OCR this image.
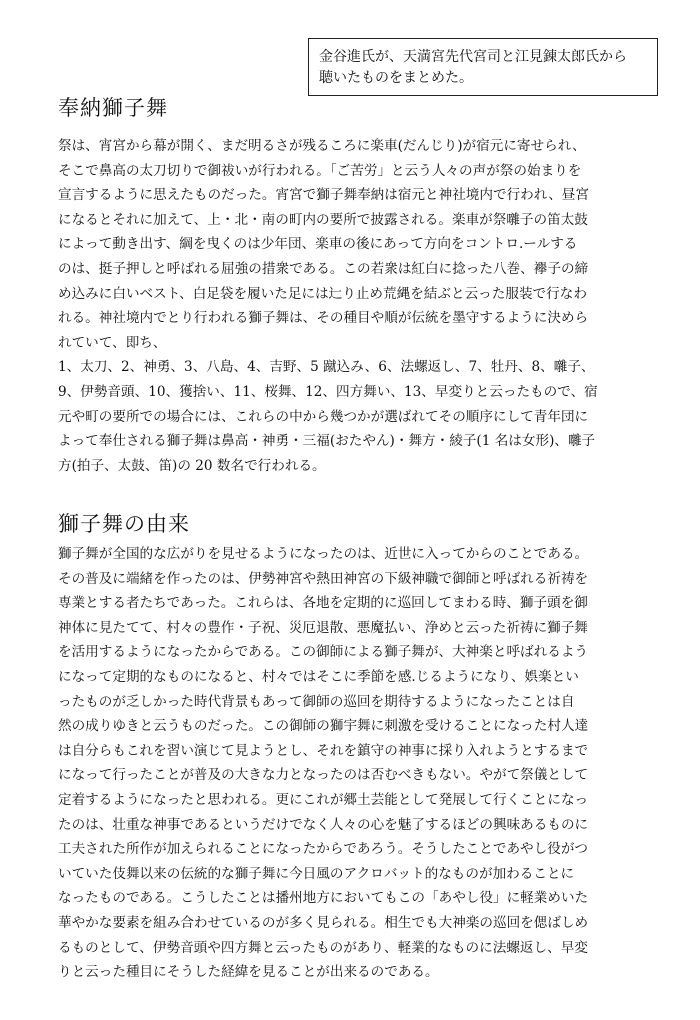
金谷進氏が、天満宮先代宮司と江見錬太郎氏から
聴いたものをまとめた。
奉納獅子舞
祭は、宵宮から幕が開く、まだ明るさが残るころに楽車(だんじり)が宿元に寄せられ、
そこで鼻高の太刀切りで御祓いが行われる。「ご苦労」と云う人々の声が祭の始まりを
宣言するように思えたものだった。宵宮で獅子舞奉納は宿元と神社境内で行われ、昼宮
になるとそれに加えて、上・北・南の町内の要所で披露される。楽車が祭囃子の笛太鼓
によって動き出す、綱を曳くのは少年団、楽車の後にあって方向をコントロ.ールする
のは、挺子押しと呼ばれる屈強の措衆である。この若衆は紅白に捻った八巻、襷子の締
め込みに白いベスト、白足袋を履いた足には辷り止め荒縄を結ぶと云った服装で行なわ
れる。神社境内でとり行われる獅子舞は、その種目や順が伝統を墨守するように決めら
れていて、即ち、
1、太刀、2、神勇、3、八島、4、吉野、5 蹴込み、6、法螺返し、7、牡丹、8、囃子、
9、伊勢音頭、10、獲捨い、11、桜舞、12、四方舞い、13、早変りと云ったもので、宿
元や町の要所での場合には、これらの中から幾つかが選ばれてその順序にして青年団に
よって奉仕される獅子舞は鼻高・神勇・三福(おたやん)・舞方・綾子(1 名は女形)、囃子
方(拍子、太鼓、笛)の 20 数名で行われる。
獅子舞の由来
獅子舞が全国的な広がりを見せるようになったのは、近世に入ってからのことである。
その普及に端緒を作ったのは、伊勢神宮や熱田神宮の下級神職で御師と呼ばれる祈祷を
専業とする者たちであった。これらは、各地を定期的に巡回してまわる時、獅子頭を御
神体に見たてて、村々の豊作・子祝、災厄退散、悪魔払い、浄めと云った祈祷に獅子舞
を活用するようになったからである。この御師による獅子舞が、大神楽と呼ばれるよう
になって定期的なものになると、村々ではそこに季節を感.じるようになり、娯楽とい
ったものが乏しかった時代背景もあって御師の巡回を期待するようになったことは自
然の成りゆきと云うものだった。この御師の獅宇舞に刺激を受けることになった村人達
は自分らもこれを習い演じて見ようとし、それを鎮守の神事に採り入れようとするまで
になって行ったことが普及の大きな力となったのは否むべきもない。やがて祭儀として
定着するようになったと思われる。更にこれが郷土芸能として発展して行くことになっ
たのは、壮重な神事であるというだけでなく人々の心を魅了するほどの興味あるものに
工夫された所作が加えられることになったからであろう。そうしたことであやし役がつ
いていた伎舞以来の伝統的な獅子舞に今日風のアクロバット的なものが加わることに
なったものである。こうしたことは播州地方においてもこの「あやし役」に軽業めいた
華やかな要素を組み合わせているのが多く見られる。相生でも大神楽の巡回を偲ばしめ
るものとして、伊勢音頭や四方舞と云ったものがあり、軽業的なものに法螺返し、早変
りと云った種目にそうした経緯を見ることが出来るのである。
